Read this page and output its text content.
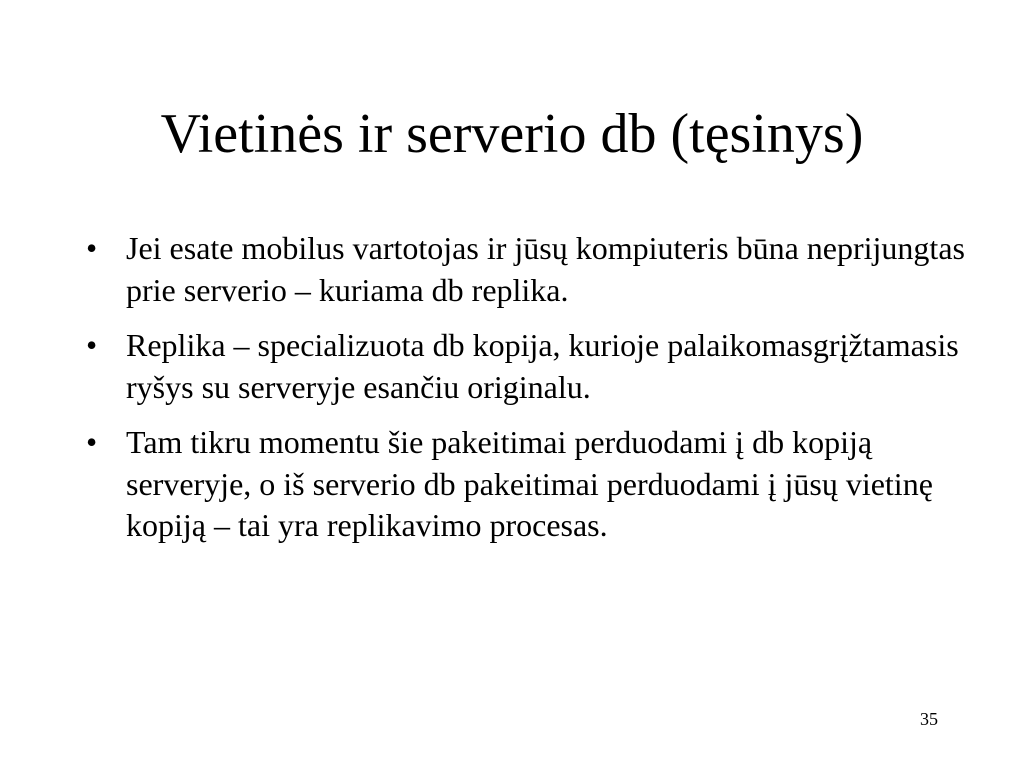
Vietinės ir serverio db (tęsinys)
• Jei esate mobilus vartotojas ir jūsų kompiuteris būna neprijungtas prie serverio – kuriama db replika.
• Replika – specializuota db kopija, kurioje palaikomasgrįžtamasis ryšys su serveryje esančiu originalu.
• Tam tikru momentu šie pakeitimai perduodami į db kopiją serveryje, o iš serverio db pakeitimai perduodami į jūsų vietinę kopiją – tai yra replikavimo procesas.
35
